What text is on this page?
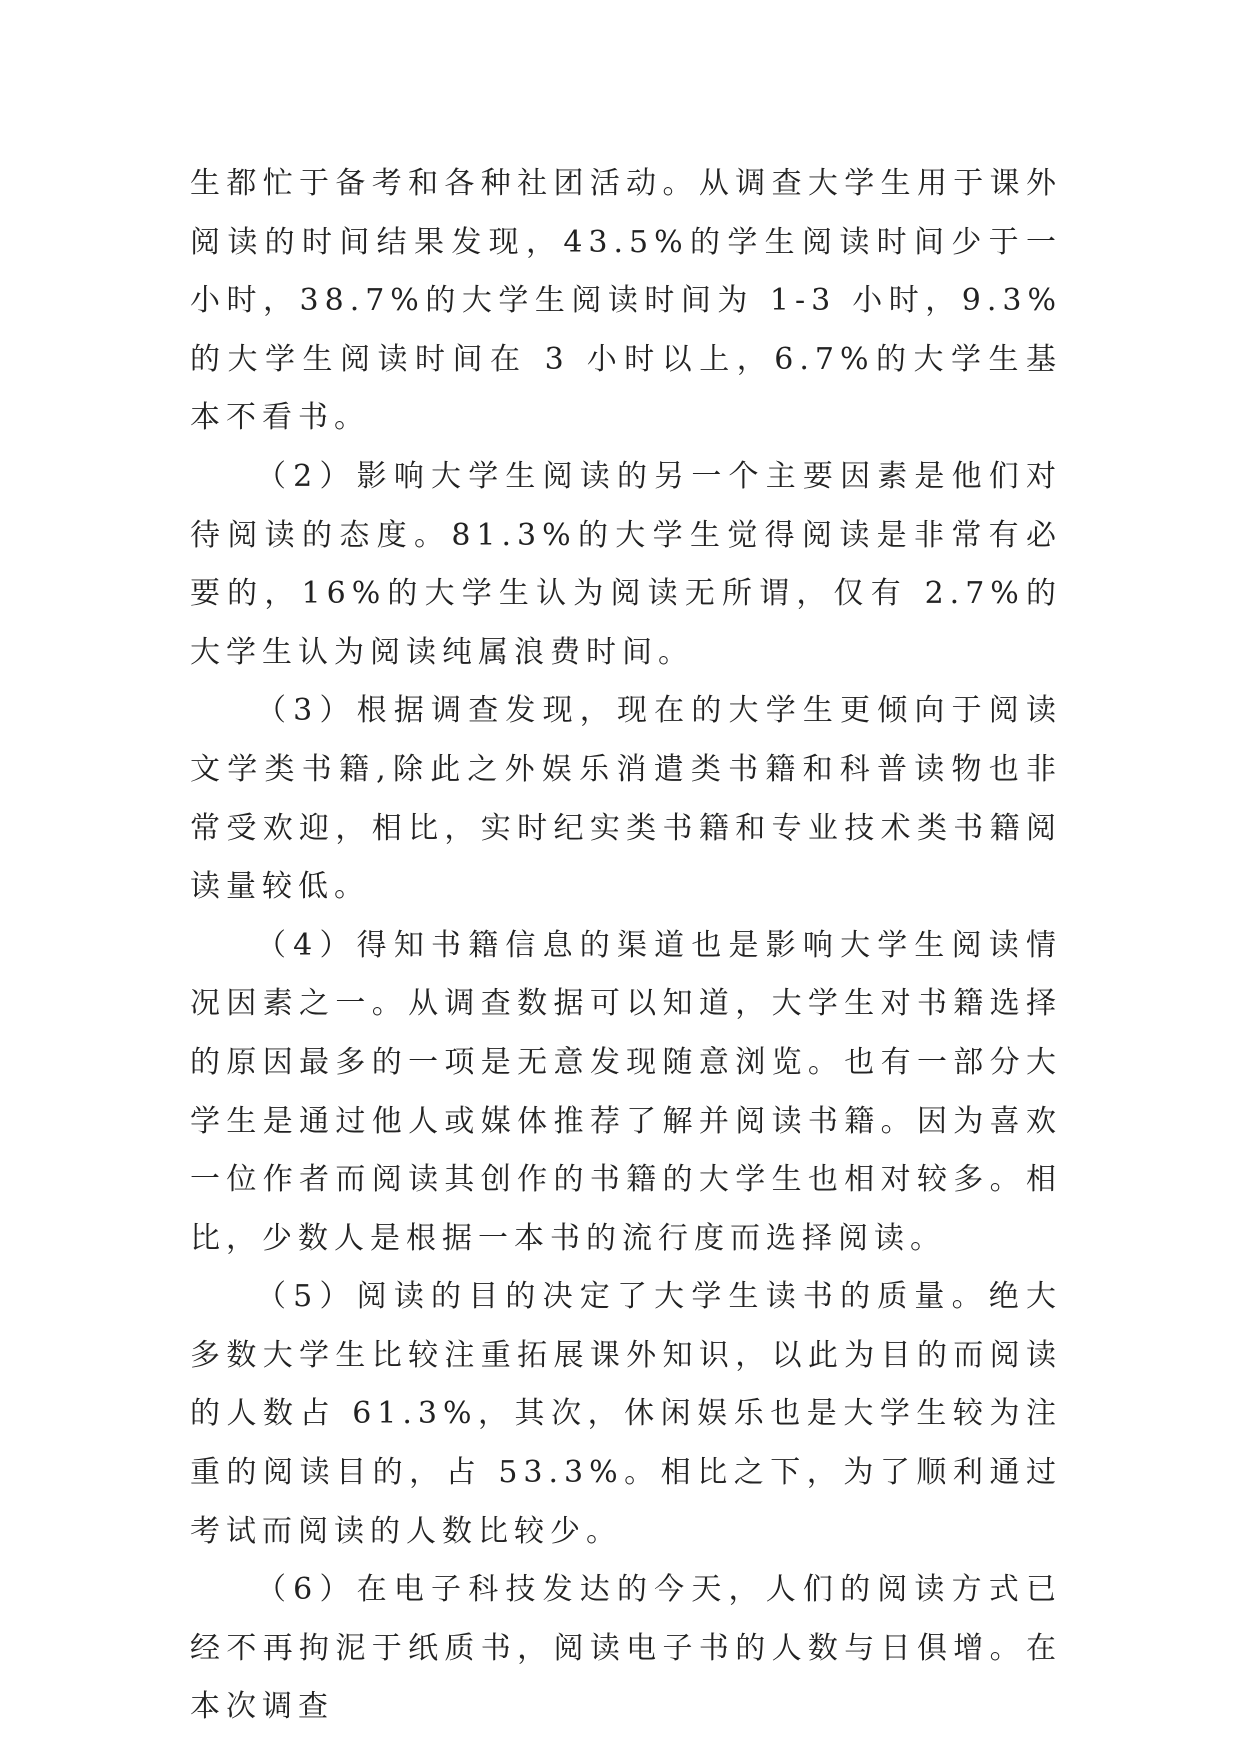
生都忙于备考和各种社团活动。从调查大学生用于课外阅读的时间结果发现，43.5%的学生阅读时间少于一小时，38.7%的大学生阅读时间为 1-3 小时，9.3%的大学生阅读时间在 3 小时以上，6.7%的大学生基本不看书。

（2）影响大学生阅读的另一个主要因素是他们对待阅读的态度。81.3%的大学生觉得阅读是非常有必要的，16%的大学生认为阅读无所谓，仅有 2.7%的大学生认为阅读纯属浪费时间。

（3）根据调查发现，现在的大学生更倾向于阅读文学类书籍,除此之外娱乐消遣类书籍和科普读物也非常受欢迎，相比，实时纪实类书籍和专业技术类书籍阅读量较低。

（4）得知书籍信息的渠道也是影响大学生阅读情况因素之一。从调查数据可以知道，大学生对书籍选择的原因最多的一项是无意发现随意浏览。也有一部分大学生是通过他人或媒体推荐了解并阅读书籍。因为喜欢一位作者而阅读其创作的书籍的大学生也相对较多。相比，少数人是根据一本书的流行度而选择阅读。

（5）阅读的目的决定了大学生读书的质量。绝大多数大学生比较注重拓展课外知识，以此为目的而阅读的人数占 61.3%，其次，休闲娱乐也是大学生较为注重的阅读目的，占 53.3%。相比之下，为了顺利通过考试而阅读的人数比较少。

（6）在电子科技发达的今天，人们的阅读方式已经不再拘泥于纸质书，阅读电子书的人数与日俱增。在本次调查
